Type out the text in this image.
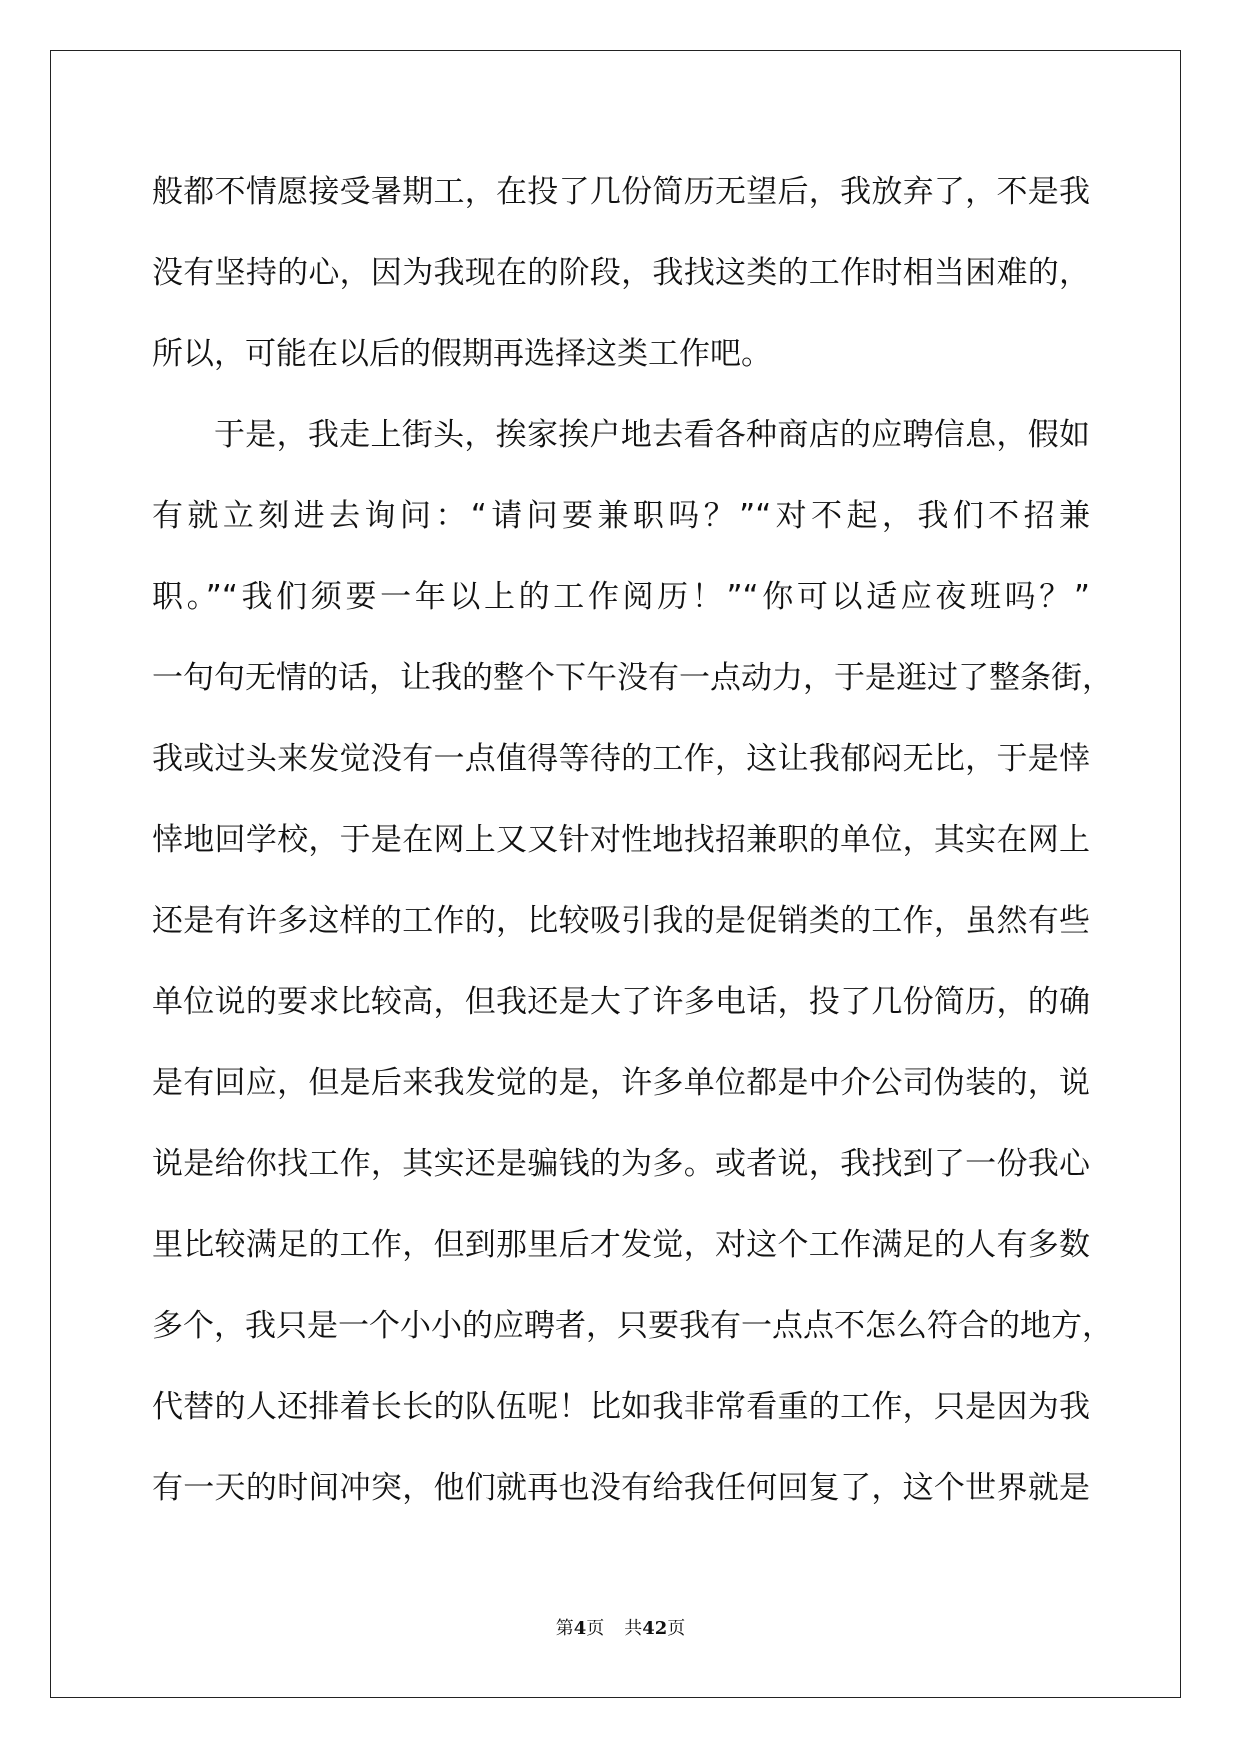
般都不情愿接受暑期工，在投了几份简历无望后，我放弃了，不是我
没有坚持的心，因为我现在的阶段，我找这类的工作时相当困难的，
所以，可能在以后的假期再选择这类工作吧。
于是，我走上街头，挨家挨户地去看各种商店的应聘信息，假如
有就立刻进去询问：“请问要兼职吗？”“对不起，我们不招兼
职。”“我们须要一年以上的工作阅历！”“你可以适应夜班吗？”
一句句无情的话，让我的整个下午没有一点动力，于是逛过了整条街，
我或过头来发觉没有一点值得等待的工作，这让我郁闷无比，于是悻
悻地回学校，于是在网上又又针对性地找招兼职的单位，其实在网上
还是有许多这样的工作的，比较吸引我的是促销类的工作，虽然有些
单位说的要求比较高，但我还是大了许多电话，投了几份简历，的确
是有回应，但是后来我发觉的是，许多单位都是中介公司伪装的，说
说是给你找工作，其实还是骗钱的为多。或者说，我找到了一份我心
里比较满足的工作，但到那里后才发觉，对这个工作满足的人有多数
多个，我只是一个小小的应聘者，只要我有一点点不怎么符合的地方，
代替的人还排着长长的队伍呢！比如我非常看重的工作，只是因为我
有一天的时间冲突，他们就再也没有给我任何回复了，这个世界就是
第4页 共42页
